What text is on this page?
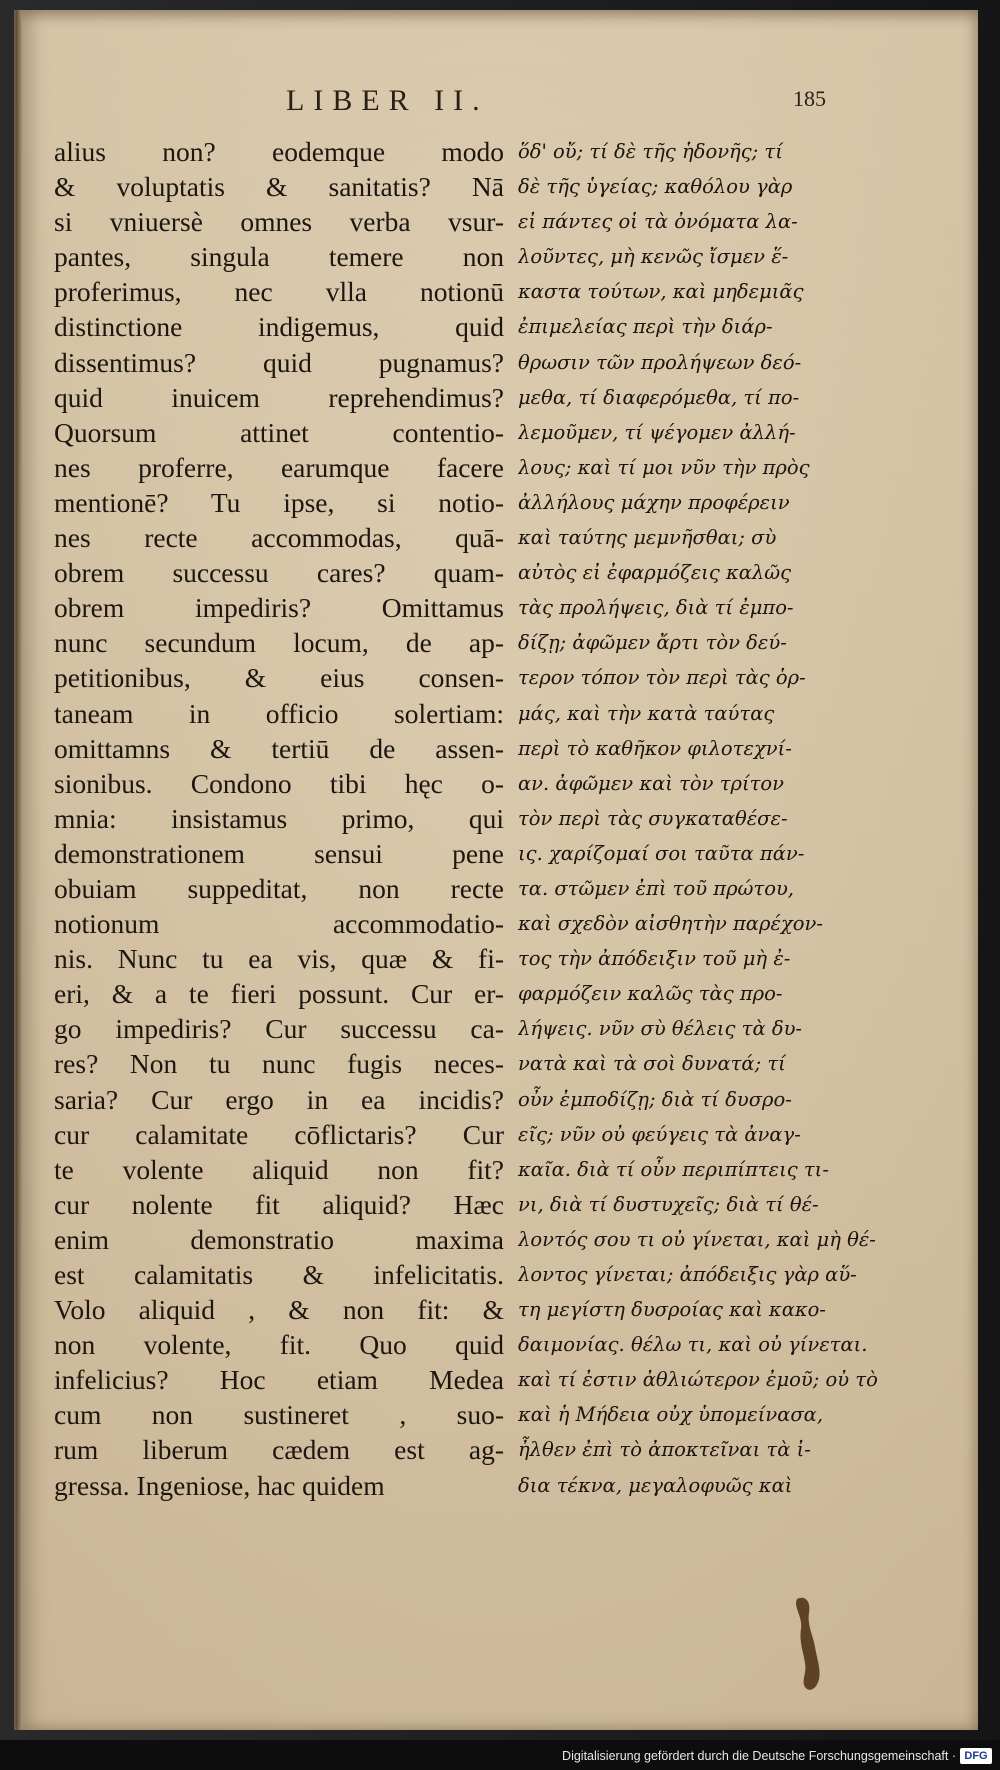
LIBER II.	185
alius non? eodemque modo
& voluptatis & sanitatis? Nā
si vniuersè omnes verba vsur-
pantes, singula temere non
proferimus, nec vlla notionū
distinctione indigemus, quid
dissentimus? quid pugnamus?
quid inuicem reprehendimus?
Quorsum attinet contentio-
nes proferre, earumque facere
mentionē? Tu ipse, si notio-
nes recte accommodas, quā-
obrem successu cares? quam-
obrem impediris? Omittamus
nunc secundum locum, de ap-
petitionibus, & eius consen-
taneam in officio solertiam:
omittamns & tertiū de assen-
sionibus. Condono tibi hęc o-
mnia: insistamus primo, qui
demonstrationem sensui pene
obuiam suppeditat, non recte
notionum accommodatio-
nis. Nunc tu ea vis, quæ & fi-
eri, & a te fieri possunt. Cur er-
go impediris? Cur successu ca-
res? Non tu nunc fugis neces-
saria? Cur ergo in ea incidis?
cur calamitate cōflictaris? Cur
te volente aliquid non fit?
cur nolente fit aliquid? Hæc
enim demonstratio maxima
est calamitatis & infelicitatis.
Volo aliquid , & non fit: &
non volente, fit. Quo quid
infelicius? Hoc etiam Medea
cum non sustineret , suo-
rum liberum cædem est ag-
gressa. Ingeniose, hac quidem
ὅδ' οὔ; τί δὲ τῆς ἡδονῆς; τί
δὲ τῆς ὑγείας; καθόλου γὰρ
εἰ πάντες οἱ τὰ ὀνόματα λα-
λοῦντες, μὴ κενῶς ἴσμεν ἕ-
καστα τούτων, καὶ μηδεμιᾶς
ἐπιμελείας περὶ τὴν διάρ-
θρωσιν τῶν προλήψεων δεό-
μεθα, τί διαφερόμεθα, τί πο-
λεμοῦμεν, τί ψέγομεν ἀλλή-
λους; καὶ τί μοι νῦν τὴν πρὸς
ἀλλήλους μάχην προφέρειν
καὶ ταύτης μεμνῆσθαι; σὺ
αὐτὸς εἰ ἐφαρμόζεις καλῶς
τὰς προλήψεις, διὰ τί ἐμπο-
δίζῃ; ἀφῶμεν ἄρτι τὸν δεύ-
τερον τόπον τὸν περὶ τὰς ὁρ-
μάς, καὶ τὴν κατὰ ταύτας
περὶ τὸ καθῆκον φιλοτεχνί-
αν. ἀφῶμεν καὶ τὸν τρίτον
τὸν περὶ τὰς συγκαταθέσε-
ις. χαρίζομαί σοι ταῦτα πάν-
τα. στῶμεν ἐπὶ τοῦ πρώτου,
καὶ σχεδὸν αἰσθητὴν παρέχον-
τος τὴν ἀπόδειξιν τοῦ μὴ ἐ-
φαρμόζειν καλῶς τὰς προ-
λήψεις. νῦν σὺ θέλεις τὰ δυ-
νατὰ καὶ τὰ σοὶ δυνατά; τί
οὖν ἐμποδίζῃ; διὰ τί δυσρο-
εῖς; νῦν οὐ φεύγεις τὰ ἀναγ-
καῖα. διὰ τί οὖν περιπίπτεις τι-
νι, διὰ τί δυστυχεῖς; διὰ τί θέ-
λοντός σου τι οὐ γίνεται, καὶ μὴ θέ-
λοντος γίνεται; ἀπόδειξις γὰρ αὕ-
τη μεγίστη δυσροίας καὶ κακο-
δαιμονίας. θέλω τι, καὶ οὐ γίνεται.
καὶ τί ἐστιν ἀθλιώτερον ἐμοῦ; οὐ τὸ
καὶ ἡ Μήδεια οὐχ ὑπομείνασα,
ἦλθεν ἐπὶ τὸ ἀποκτεῖναι τὰ ἰ-
δια τέκνα, μεγαλοφυῶς καὶ
Digitalisierung gefördert durch die Deutsche Forschungsgemeinschaft · DFG
